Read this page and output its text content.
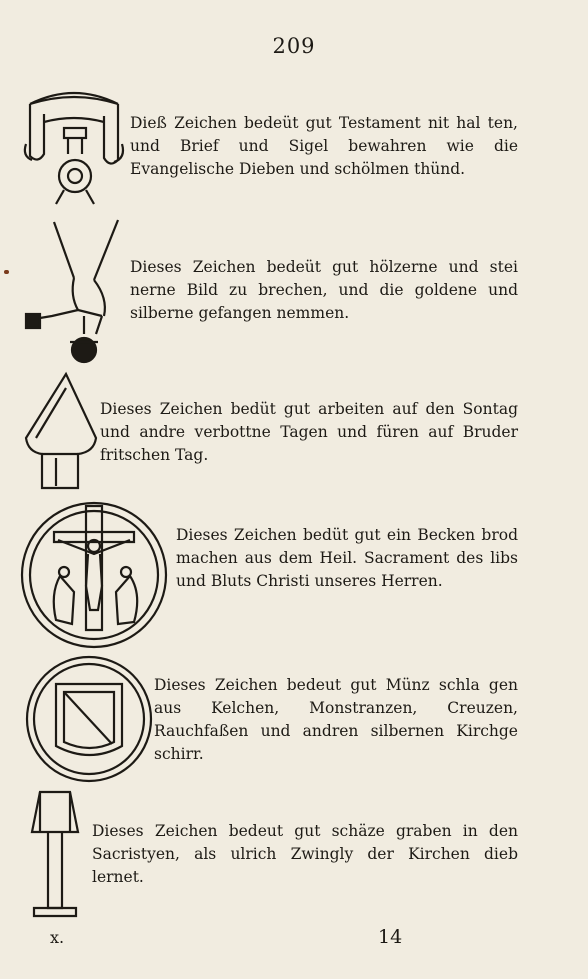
209

Dieß Zeichen bedeüt gut Testament nit hal ten, und Brief und Sigel bewahren wie die Evangelische Dieben und schölmen thünd.

Dieses Zeichen bedeüt gut hölzerne und stei nerne Bild zu brechen, und die goldene und silberne gefangen nemmen.

Dieses Zeichen bedüt gut arbeiten auf den Sontag und andre verbottne Tagen und füren auf Bruder fritschen Tag.

Dieses Zeichen bedüt gut ein Becken brod machen aus dem Heil. Sacrament des libs und Bluts Christi unseres Herren.

Dieses Zeichen bedeut gut Münz schla gen aus Kelchen, Monstranzen, Creuzen, Rauchfaßen und andren silbernen Kirchge schirr.

Dieses Zeichen bedeut gut schäze graben in den Sacristyen, als ulrich Zwingly der Kirchen dieb lernet.

x.	14
